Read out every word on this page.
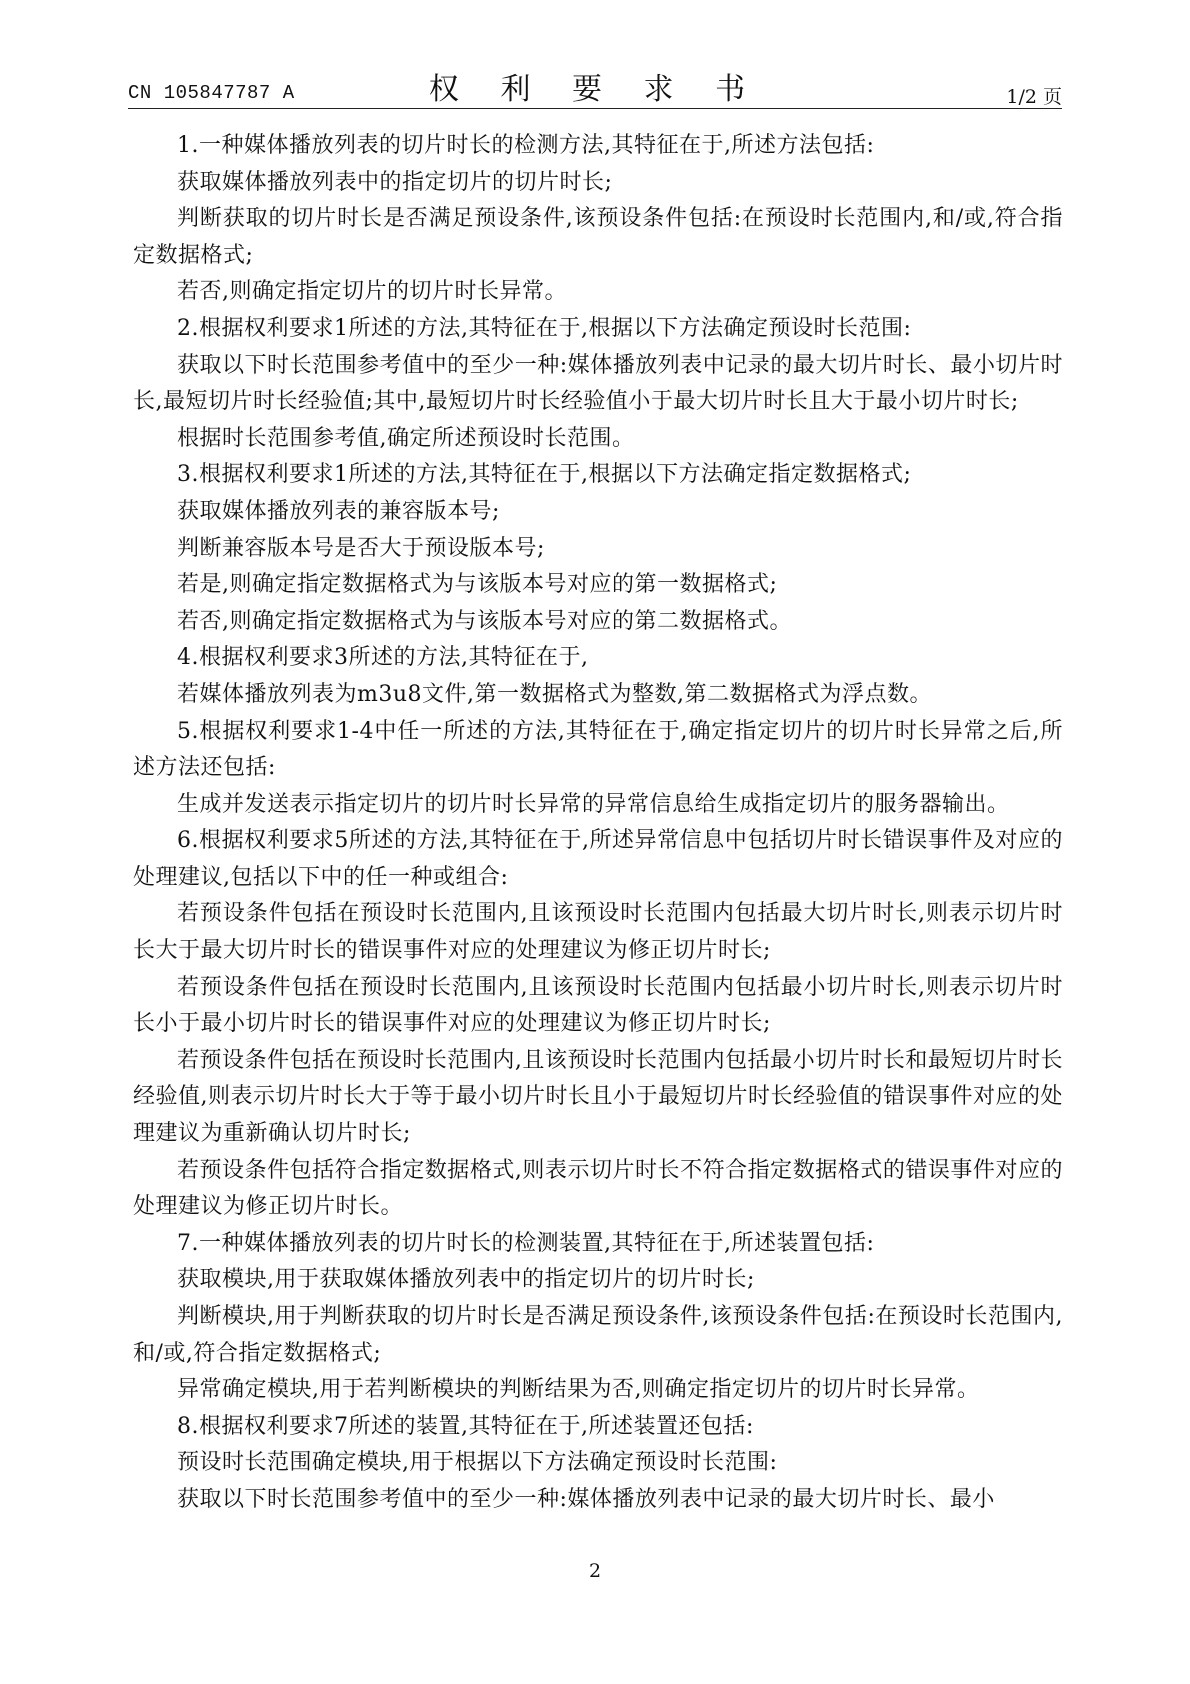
CN 105847787 A	权 利 要 求 书	1/2 页

1.一种媒体播放列表的切片时长的检测方法,其特征在于,所述方法包括:

获取媒体播放列表中的指定切片的切片时长;

判断获取的切片时长是否满足预设条件,该预设条件包括:在预设时长范围内,和/或,符合指定数据格式;

若否,则确定指定切片的切片时长异常。

2.根据权利要求1所述的方法,其特征在于,根据以下方法确定预设时长范围:

获取以下时长范围参考值中的至少一种:媒体播放列表中记录的最大切片时长、最小切片时长,最短切片时长经验值;其中,最短切片时长经验值小于最大切片时长且大于最小切片时长;

根据时长范围参考值,确定所述预设时长范围。

3.根据权利要求1所述的方法,其特征在于,根据以下方法确定指定数据格式;

获取媒体播放列表的兼容版本号;

判断兼容版本号是否大于预设版本号;

若是,则确定指定数据格式为与该版本号对应的第一数据格式;

若否,则确定指定数据格式为与该版本号对应的第二数据格式。

4.根据权利要求3所述的方法,其特征在于,

若媒体播放列表为m3u8文件,第一数据格式为整数,第二数据格式为浮点数。

5.根据权利要求1-4中任一所述的方法,其特征在于,确定指定切片的切片时长异常之后,所述方法还包括:

生成并发送表示指定切片的切片时长异常的异常信息给生成指定切片的服务器输出。

6.根据权利要求5所述的方法,其特征在于,所述异常信息中包括切片时长错误事件及对应的处理建议,包括以下中的任一种或组合:

若预设条件包括在预设时长范围内,且该预设时长范围内包括最大切片时长,则表示切片时长大于最大切片时长的错误事件对应的处理建议为修正切片时长;

若预设条件包括在预设时长范围内,且该预设时长范围内包括最小切片时长,则表示切片时长小于最小切片时长的错误事件对应的处理建议为修正切片时长;

若预设条件包括在预设时长范围内,且该预设时长范围内包括最小切片时长和最短切片时长经验值,则表示切片时长大于等于最小切片时长且小于最短切片时长经验值的错误事件对应的处理建议为重新确认切片时长;

若预设条件包括符合指定数据格式,则表示切片时长不符合指定数据格式的错误事件对应的处理建议为修正切片时长。

7.一种媒体播放列表的切片时长的检测装置,其特征在于,所述装置包括:

获取模块,用于获取媒体播放列表中的指定切片的切片时长;

判断模块,用于判断获取的切片时长是否满足预设条件,该预设条件包括:在预设时长范围内,和/或,符合指定数据格式;

异常确定模块,用于若判断模块的判断结果为否,则确定指定切片的切片时长异常。

8.根据权利要求7所述的装置,其特征在于,所述装置还包括:

预设时长范围确定模块,用于根据以下方法确定预设时长范围:

获取以下时长范围参考值中的至少一种:媒体播放列表中记录的最大切片时长、最小

2
